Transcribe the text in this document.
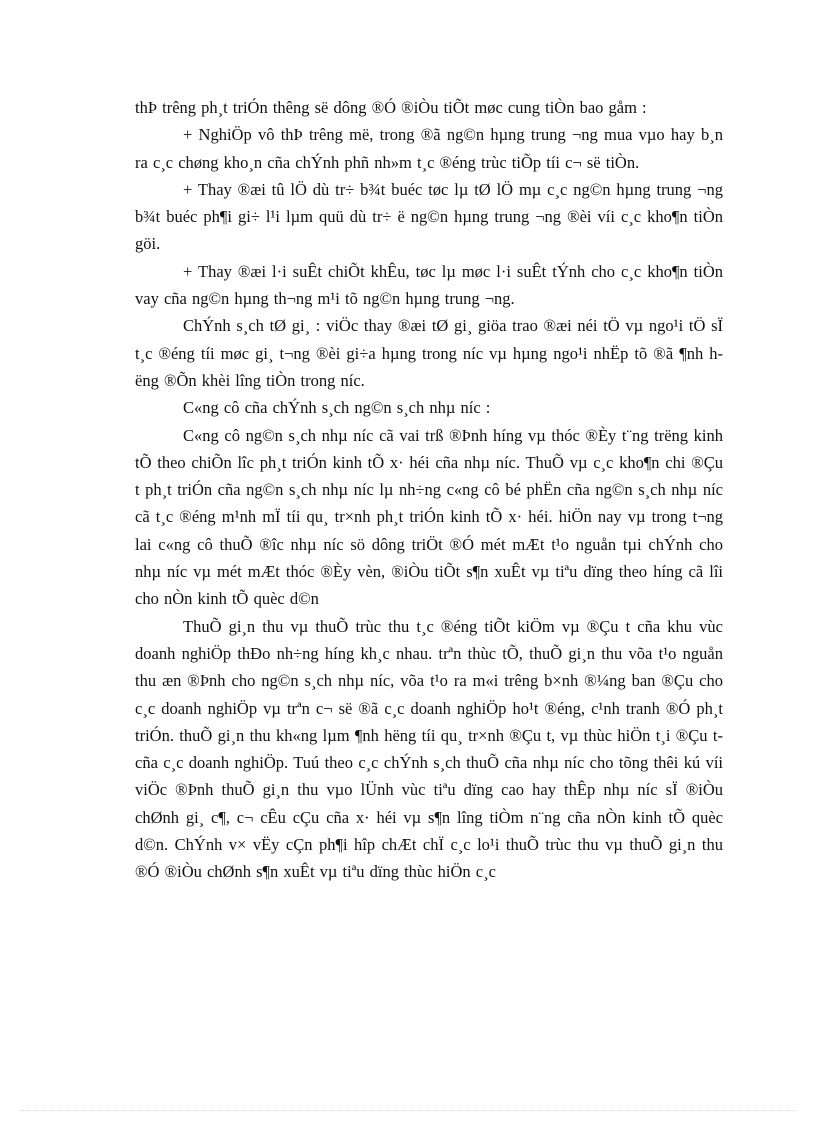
thÞ trêng ph¸t triÓn thêng së dông ®Ó ®iÒu tiÕt møc cung tiÒn bao gåm :

+ NghiÖp vô thÞ trêng më, trong ®ã ng©n hµng trung ¬ng mua vµo hay b¸n ra c¸c chøng kho¸n cña chÝnh phñ nh»m t¸c ®éng trùc tiÕp tíi c¬ së tiÒn.

+ Thay ®æi tû lÖ dù tr÷ b¾t buéc tøc lµ tØ lÖ mµ c¸c ng©n hµng trung ¬ng b¾t buéc ph¶i gi÷ l¹i lµm quü dù tr÷ ë ng©n hµng trung ¬ng ®èi víi c¸c kho¶n tiÒn göi.

+ Thay ®æi l·i suÊt chiÕt khÊu, tøc lµ møc l·i suÊt tÝnh cho c¸c kho¶n tiÒn vay cña ng©n hµng th¬ng m¹i tõ ng©n hµng trung ¬ng.

ChÝnh s¸ch tØ gi¸ : viÖc thay ®æi tØ gi¸ giöa trao ®æi néi tÖ vµ ngo¹i tÖ sÏ t¸c ®éng tíi møc gi¸ t¬ng ®èi gi÷a hµng trong níc vµ hµng ngo¹i nhËp tõ ®ã ¶nh hëng ®Õn khèi lîng tiÒn trong níc.

C«ng cô cña chÝnh s¸ch ng©n s¸ch nhµ níc :

C«ng cô ng©n s¸ch nhµ níc cã vai trß ®Þnh híng vµ thóc ®Èy t¨ng trëng kinh tÕ theo chiÕn lîc ph¸t triÓn kinh tÕ x· héi cña nhµ níc. ThuÕ vµ c¸c kho¶n chi ®Çu t ph¸t triÓn cña ng©n s¸ch nhµ níc lµ nh÷ng c«ng cô bé phËn cña ng©n s¸ch nhµ níc cã t¸c ®éng m¹nh mÏ tíi qu¸ tr×nh ph¸t triÓn kinh tÕ x· héi. hiÖn nay vµ trong t¬ng lai c«ng cô thuÕ ®îc nhµ níc sö dông triÖt ®Ó mét mÆt t¹o nguån tµi chÝnh cho nhµ níc vµ mét mÆt thóc ®Èy vèn, ®iÒu tiÕt s¶n xuÊt vµ tiªu dïng theo híng cã lîi cho nÒn kinh tÕ quèc d©n

ThuÕ gi¸n thu vµ thuÕ trùc thu t¸c ®éng tiÕt kiÖm vµ ®Çu t cña khu vùc doanh nghiÖp thÐo nh÷ng híng kh¸c nhau. trªn thùc tÕ, thuÕ gi¸n thu võa t¹o nguån thu æn ®Þnh cho ng©n s¸ch nhµ níc, võa t¹o ra m«i trêng b×nh ®¼ng ban ®Çu cho c¸c doanh nghiÖp vµ trªn c¬ së ®ã c¸c doanh nghiÖp ho¹t ®éng, c¹nh tranh ®Ó ph¸t triÓn. thuÕ gi¸n thu kh«ng lµm ¶nh hëng tíi qu¸ tr×nh ®Çu t, vµ thùc hiÖn t¸i ®Çu t cña c¸c doanh nghiÖp. Tuú theo c¸c chÝnh s¸ch thuÕ cña nhµ níc cho tõng thêi kú víi viÖc ®Þnh thuÕ gi¸n thu vµo lÜnh vùc tiªu dïng cao hay thÊp nhµ níc sÏ ®iÒu chØnh gi¸ c¶, c¬ cÊu cÇu cña x· héi vµ s¶n lîng tiÒm n¨ng cña nÒn kinh tÕ quèc d©n. ChÝnh v× vËy cÇn ph¶i hîp chÆt chÏ c¸c lo¹i thuÕ trùc thu vµ thuÕ gi¸n thu ®Ó ®iÒu chØnh s¶n xuÊt vµ tiªu dïng thùc hiÖn c¸c
